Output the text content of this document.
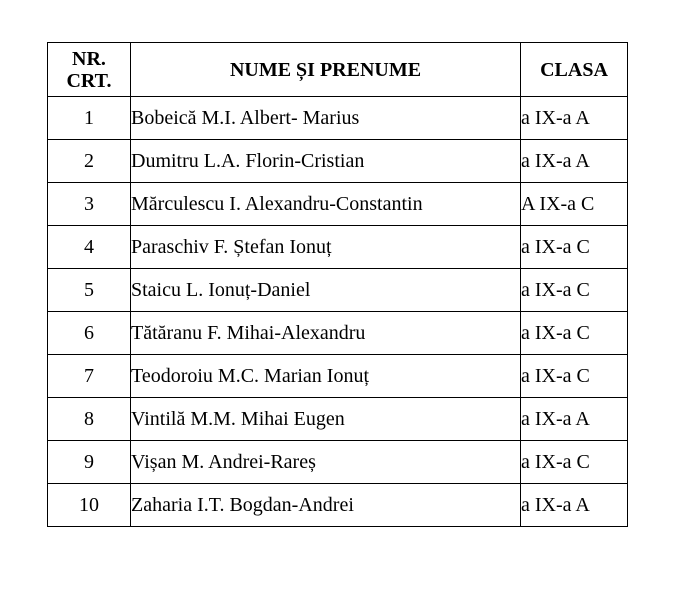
NR.
CRT.	NUME ȘI PRENUME	CLASA
1	Bobeică M.I. Albert- Marius	a IX-a A
2	Dumitru L.A. Florin-Cristian	a IX-a A
3	Mărculescu I. Alexandru-Constantin	A IX-a C
4	Paraschiv F. Ștefan Ionuț	a IX-a C
5	Staicu L. Ionuț-Daniel	a IX-a C
6	Tătăranu F. Mihai-Alexandru	a IX-a C
7	Teodoroiu M.C. Marian Ionuț	a IX-a C
8	Vintilă M.M. Mihai Eugen	a IX-a A
9	Vișan M. Andrei-Rareș	a IX-a C
10	Zaharia I.T. Bogdan-Andrei	a IX-a A
